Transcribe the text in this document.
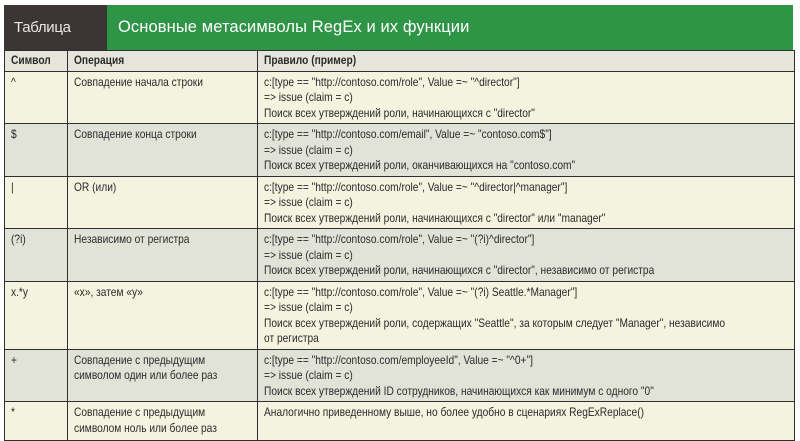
Таблица	Основные метасимволы RegEx и их функции
Символ	Операция	Правило (пример)
^	Совпадение начала строки	c:[type == "http://contoso.com/role", Value =~ "^director"]
=> issue (claim = c)
Поиск всех утверждений роли, начинающихся с "director"

$	Совпадение конца строки	c:[type == "http://contoso.com/email", Value =~ "contoso.com$"]
=> issue (claim = c)
Поиск всех утверждений роли, оканчивающихся на "contoso.com"

|	OR (или)	c:[type == "http://contoso.com/role", Value =~ "^director|^manager"]
=> issue (claim = c)
Поиск всех утверждений роли, начинающихся с "director" или "manager"

(?i)	Независимо от регистра	c:[type == "http://contoso.com/role", Value =~ "(?i)^director"]
=> issue (claim = c)
Поиск всех утверждений роли, начинающихся с "director", независимо от регистра

x.*y	«x», затем «y»	c:[type == "http://contoso.com/role", Value =~ "(?i) Seattle.*Manager"]
=> issue (claim = c)
Поиск всех утверждений роли, содержащих "Seattle", за которым следует "Manager", независимо
от регистра

+	Совпадение с предыдущим
символом один или более раз	c:[type == "http://contoso.com/employeeId", Value =~ "^0+"]
=> issue (claim = c)
Поиск всех утверждений ID сотрудников, начинающихся как минимум с одного "0"

*	Совпадение с предыдущим
символом ноль или более раз	Аналогично приведенному выше, но более удобно в сценариях RegExReplace()
